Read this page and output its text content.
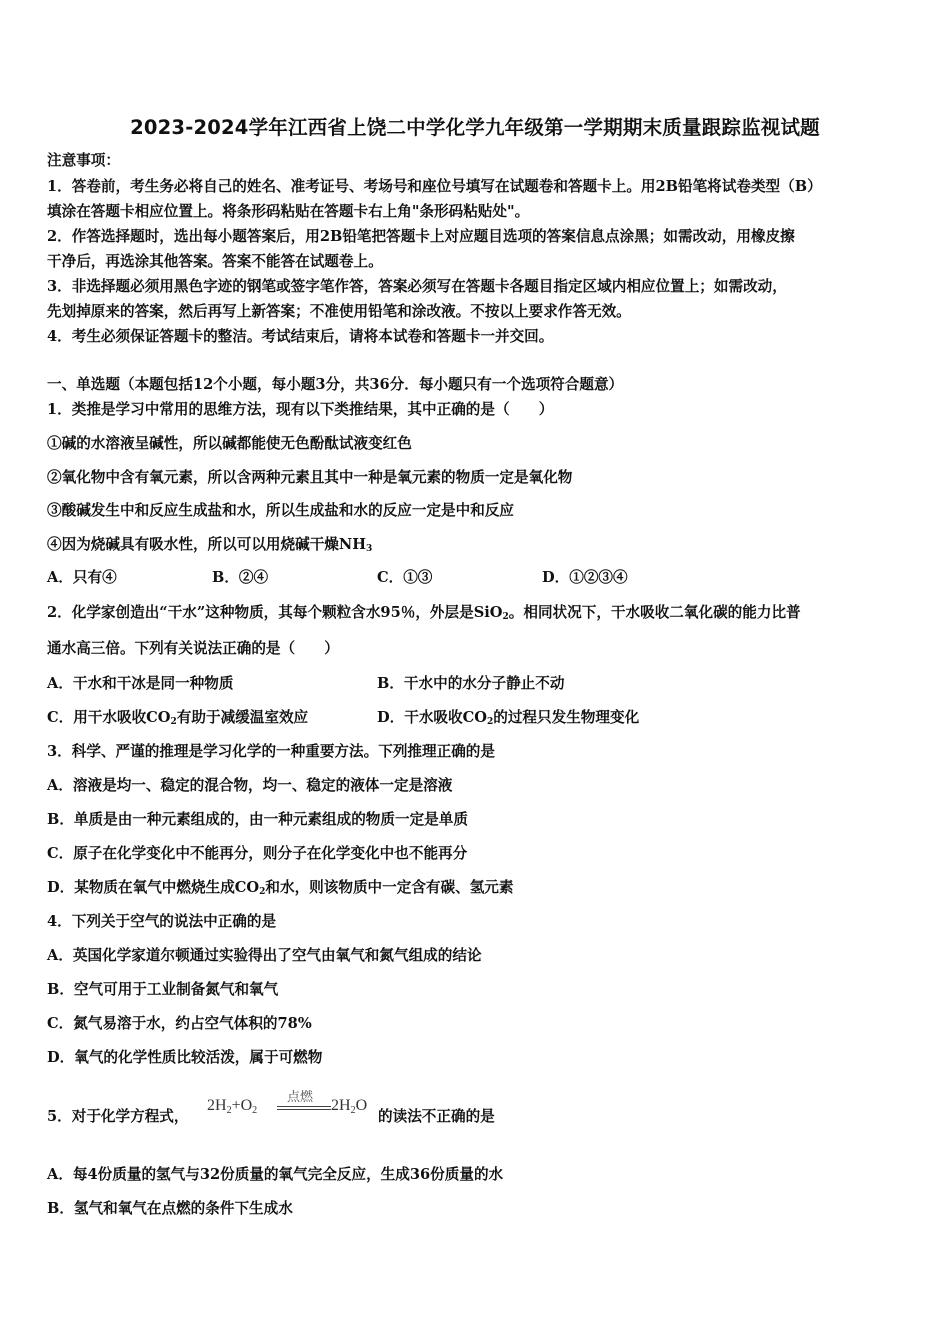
2023-2024学年江西省上饶二中学化学九年级第一学期期末质量跟踪监视试题
注意事项：
1．答卷前，考生务必将自己的姓名、准考证号、考场号和座位号填写在试题卷和答题卡上。用2B铅笔将试卷类型（B）
填涂在答题卡相应位置上。将条形码粘贴在答题卡右上角"条形码粘贴处"。
2．作答选择题时，选出每小题答案后，用2B铅笔把答题卡上对应题目选项的答案信息点涂黑；如需改动，用橡皮擦
干净后，再选涂其他答案。答案不能答在试题卷上。
3．非选择题必须用黑色字迹的钢笔或签字笔作答，答案必须写在答题卡各题目指定区域内相应位置上；如需改动，
先划掉原来的答案，然后再写上新答案；不准使用铅笔和涂改液。不按以上要求作答无效。
4．考生必须保证答题卡的整洁。考试结束后，请将本试卷和答题卡一并交回。
一、单选题（本题包括12个小题，每小题3分，共36分．每小题只有一个选项符合题意）
1．类推是学习中常用的思维方法，现有以下类推结果，其中正确的是（　　）
①碱的水溶液呈碱性，所以碱都能使无色酚酞试液变红色
②氧化物中含有氧元素，所以含两种元素且其中一种是氧元素的物质一定是氧化物
③酸碱发生中和反应生成盐和水，所以生成盐和水的反应一定是中和反应
④因为烧碱具有吸水性，所以可以用烧碱干燥$NH_3$
A．只有④	B．②④	C．①③	D．①②③④
2．化学家创造出“干水”这种物质，其每个颗粒含水95％，外层是SiO$_2$。相同状况下，干水吸收二氧化碳的能力比普
通水高三倍。下列有关说法正确的是（　　）
A．干水和干冰是同一种物质	B．干水中的水分子静止不动
C．用干水吸收$CO_2$有助于减缓温室效应	D．干水吸收$CO_2$的过程只发生物理变化
3．科学、严谨的推理是学习化学的一种重要方法。下列推理正确的是
A．溶液是均一、稳定的混合物，均一、稳定的液体一定是溶液
B．单质是由一种元素组成的，由一种元素组成的物质一定是单质
C．原子在化学变化中不能再分，则分子在化学变化中也不能再分
D．某物质在氧气中燃烧生成$CO_2$和水，则该物质中一定含有碳、氢元素
4．下列关于空气的说法中正确的是
A．英国化学家道尔顿通过实验得出了空气由氧气和氮气组成的结论
B．空气可用于工业制备氮气和氧气
C．氮气易溶于水，约占空气体积的78%
D．氧气的化学性质比较活泼，属于可燃物
5．对于化学方程式，
点燃
$2H_2+O_2$	$2H_2O$
的读法不正确的是
A．每4份质量的氢气与32份质量的氧气完全反应，生成36份质量的水
B．氢气和氧气在点燃的条件下生成水
